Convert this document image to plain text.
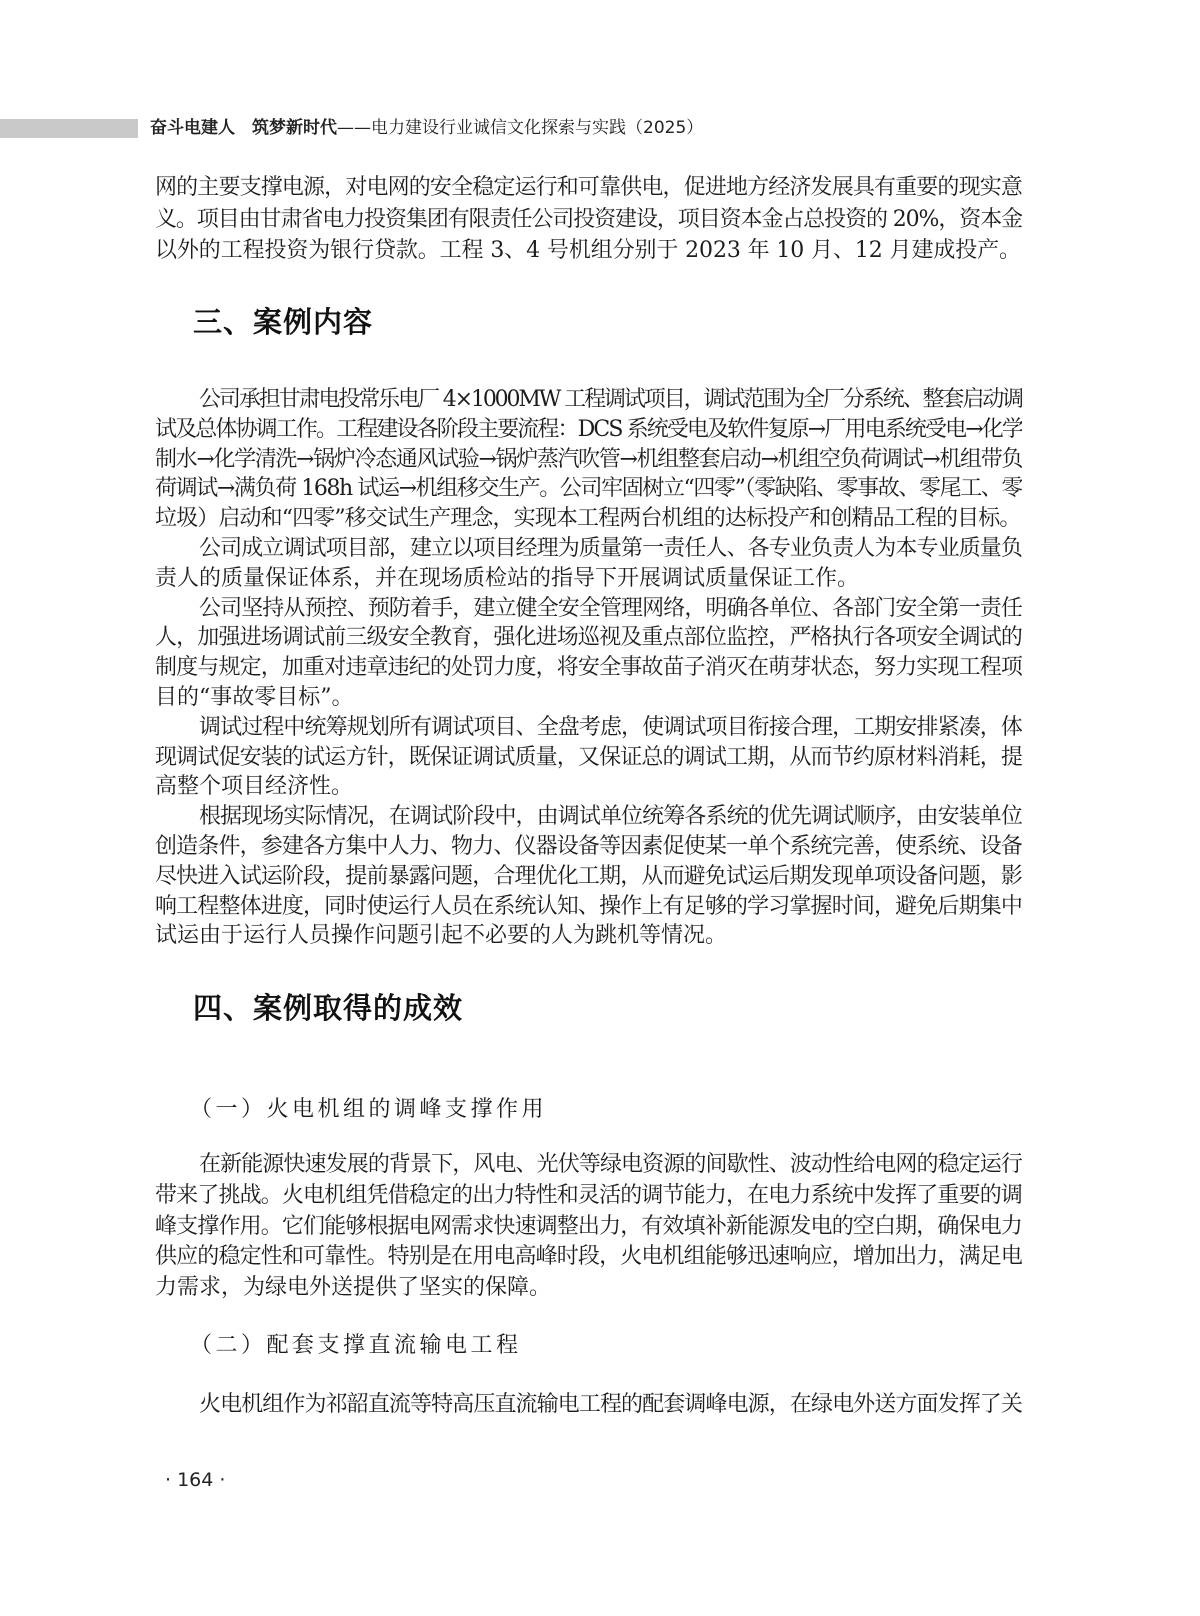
奋斗电建人　筑梦新时代——电力建设行业诚信文化探索与实践（2025）
网的主要支撑电源，对电网的安全稳定运行和可靠供电，促进地方经济发展具有重要的现实意
义。项目由甘肃省电力投资集团有限责任公司投资建设，项目资本金占总投资的 20%，资本金
以外的工程投资为银行贷款。工程 3、4 号机组分别于 2023 年 10 月、12 月建成投产。
三、案例内容
公司承担甘肃电投常乐电厂 4×1000MW 工程调试项目，调试范围为全厂分系统、整套启动调
试及总体协调工作。工程建设各阶段主要流程：DCS 系统受电及软件复原→厂用电系统受电→化学
制水→化学清洗→锅炉冷态通风试验→锅炉蒸汽吹管→机组整套启动→机组空负荷调试→机组带负
荷调试→满负荷 168h 试运→机组移交生产。公司牢固树立“四零”（零缺陷、零事故、零尾工、零
垃圾）启动和“四零”移交试生产理念，实现本工程两台机组的达标投产和创精品工程的目标。
公司成立调试项目部，建立以项目经理为质量第一责任人、各专业负责人为本专业质量负
责人的质量保证体系，并在现场质检站的指导下开展调试质量保证工作。
公司坚持从预控、预防着手，建立健全安全管理网络，明确各单位、各部门安全第一责任
人，加强进场调试前三级安全教育，强化进场巡视及重点部位监控，严格执行各项安全调试的
制度与规定，加重对违章违纪的处罚力度，将安全事故苗子消灭在萌芽状态，努力实现工程项
目的“事故零目标”。
调试过程中统筹规划所有调试项目、全盘考虑，使调试项目衔接合理，工期安排紧凑，体
现调试促安装的试运方针，既保证调试质量，又保证总的调试工期，从而节约原材料消耗，提
高整个项目经济性。
根据现场实际情况，在调试阶段中，由调试单位统筹各系统的优先调试顺序，由安装单位
创造条件，参建各方集中人力、物力、仪器设备等因素促使某一单个系统完善，使系统、设备
尽快进入试运阶段，提前暴露问题，合理优化工期，从而避免试运后期发现单项设备问题，影
响工程整体进度，同时使运行人员在系统认知、操作上有足够的学习掌握时间，避免后期集中
试运由于运行人员操作问题引起不必要的人为跳机等情况。
四、案例取得的成效
（一）火电机组的调峰支撑作用
在新能源快速发展的背景下，风电、光伏等绿电资源的间歇性、波动性给电网的稳定运行
带来了挑战。火电机组凭借稳定的出力特性和灵活的调节能力，在电力系统中发挥了重要的调
峰支撑作用。它们能够根据电网需求快速调整出力，有效填补新能源发电的空白期，确保电力
供应的稳定性和可靠性。特别是在用电高峰时段，火电机组能够迅速响应，增加出力，满足电
力需求，为绿电外送提供了坚实的保障。
（二）配套支撑直流输电工程
火电机组作为祁韶直流等特高压直流输电工程的配套调峰电源，在绿电外送方面发挥了关
· 164 ·
